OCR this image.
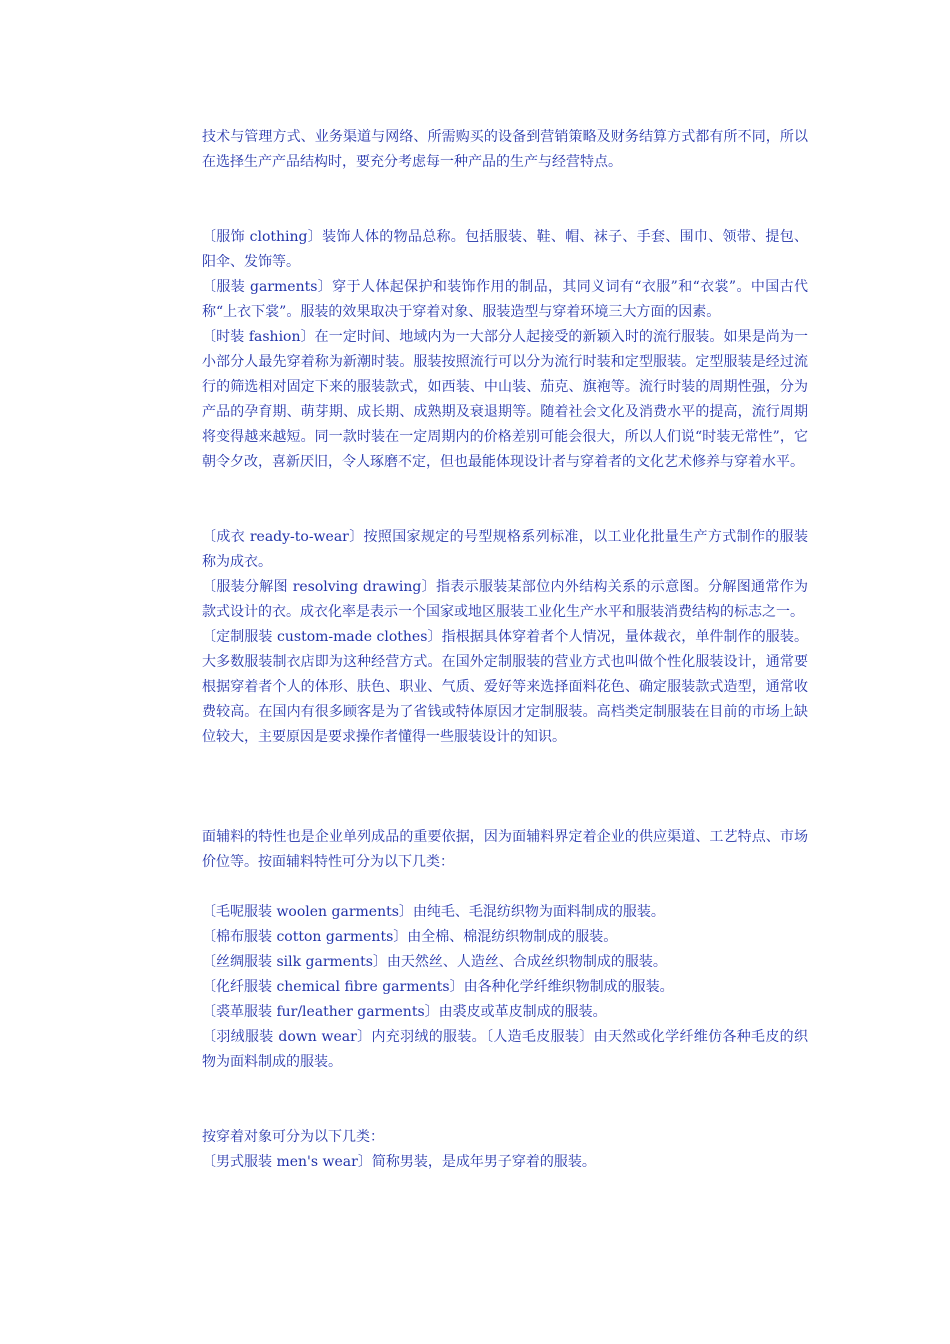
技术与管理方式、业务渠道与网络、所需购买的设备到营销策略及财务结算方式都有所不同，所以在选择生产产品结构时，要充分考虑每一种产品的生产与经营特点。

〔服饰 clothing〕装饰人体的物品总称。包括服装、鞋、帽、袜子、手套、围巾、领带、提包、阳伞、发饰等。

〔服装 garments〕穿于人体起保护和装饰作用的制品，其同义词有“衣服”和“衣裳”。中国古代称“上衣下裳”。服装的效果取决于穿着对象、服装造型与穿着环境三大方面的因素。

〔时装 fashion〕在一定时间、地域内为一大部分人起接受的新颖入时的流行服装。如果是尚为一小部分人最先穿着称为新潮时装。服装按照流行可以分为流行时装和定型服装。定型服装是经过流行的筛选相对固定下来的服装款式，如西装、中山装、茄克、旗袍等。流行时装的周期性强，分为产品的孕育期、萌芽期、成长期、成熟期及衰退期等。随着社会文化及消费水平的提高，流行周期将变得越来越短。同一款时装在一定周期内的价格差别可能会很大，所以人们说“时装无常性”，它朝令夕改，喜新厌旧，令人琢磨不定，但也最能体现设计者与穿着者的文化艺术修养与穿着水平。

〔成衣 ready-to-wear〕按照国家规定的号型规格系列标准，以工业化批量生产方式制作的服装称为成衣。

〔服装分解图 resolving drawing〕指表示服装某部位内外结构关系的示意图。分解图通常作为款式设计的衣。成衣化率是表示一个国家或地区服装工业化生产水平和服装消费结构的标志之一。

〔定制服装 custom-made clothes〕指根据具体穿着者个人情况，量体裁衣，单件制作的服装。大多数服装制衣店即为这种经营方式。在国外定制服装的营业方式也叫做个性化服装设计，通常要根据穿着者个人的体形、肤色、职业、气质、爱好等来选择面料花色、确定服装款式造型，通常收费较高。在国内有很多顾客是为了省钱或特体原因才定制服装。高档类定制服装在目前的市场上缺位较大，主要原因是要求操作者懂得一些服装设计的知识。

面辅料的特性也是企业单列成品的重要依据，因为面辅料界定着企业的供应渠道、工艺特点、市场价位等。按面辅料特性可分为以下几类：

〔毛呢服装 woolen garments〕由纯毛、毛混纺织物为面料制成的服装。

〔棉布服装 cotton garments〕由全棉、棉混纺织物制成的服装。

〔丝绸服装 silk garments〕由天然丝、人造丝、合成丝织物制成的服装。

〔化纤服装 chemical fibre garments〕由各种化学纤维织物制成的服装。

〔裘革服装 fur/leather garments〕由裘皮或革皮制成的服装。

〔羽绒服装 down wear〕内充羽绒的服装。〔人造毛皮服装〕由天然或化学纤维仿各种毛皮的织物为面料制成的服装。

按穿着对象可分为以下几类：

〔男式服装 men's wear〕简称男装，是成年男子穿着的服装。
